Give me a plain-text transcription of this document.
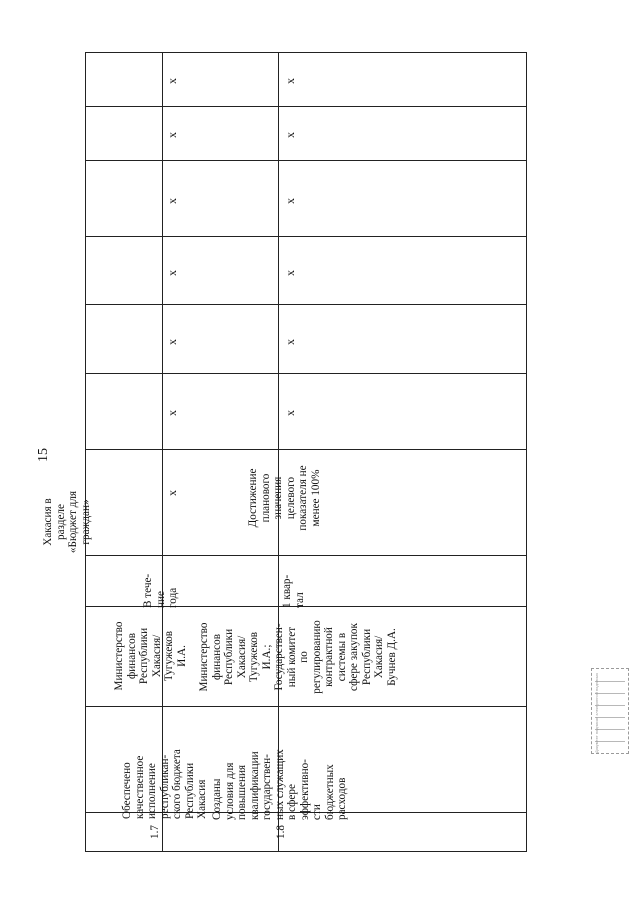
15
Хакасия в
разделе
«Бюджет для
граждан»
1.7
Обеспечено
качественное
исполнение
республикан-
ского бюджета
Республики
Хакасия
Министерство
финансов
Республики
Хакасия/
Тугужеков
И.А.
В тече-
ние
года
х
х
х
х
х
х
х
1.8
Созданы
условия для
повышения
квалификации
государствен-
ных служащих
в сфере
эффективно-
сти
бюджетных
расходов
Министерство
финансов
Республики
Хакасия/
Тугужеков
И.А.;
Государствен-
ный комитет
по
регулированию
контрактной
системы в
сфере закупок
Республики
Хакасия/
Бучнев Д.А.
1 квар-
тал
Достижение
планового
значения
целевого
показателя не
менее 100%
х
х
х
х
х
х
Документ подписан электронной подписью
